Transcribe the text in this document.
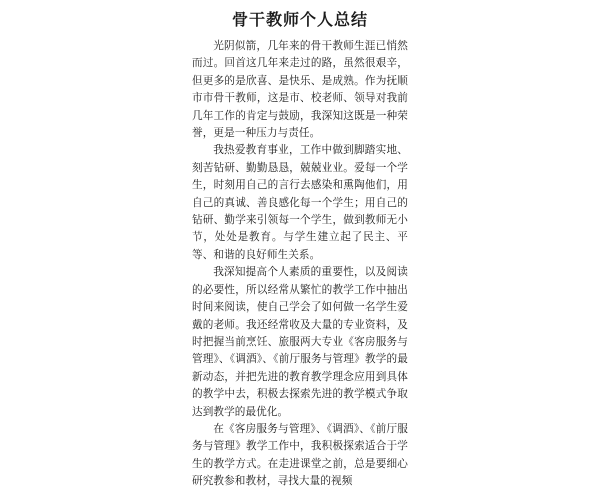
骨干教师个人总结

光阴似箭，几年来的骨干教师生涯已悄然而过。回首这几年来走过的路，虽然很艰辛，但更多的是欣喜、是快乐、是成熟。作为抚顺市市骨干教师，这是市、校老师、领导对我前几年工作的肯定与鼓励，我深知这既是一种荣誉，更是一种压力与责任。

我热爱教育事业，工作中做到脚踏实地、刻苦钻研、勤勤恳恳，兢兢业业。爱每一个学生，时刻用自己的言行去感染和熏陶他们，用自己的真诚、善良感化每一个学生；用自己的钻研、勤学来引领每一个学生，做到教师无小节，处处是教育。与学生建立起了民主、平等、和谐的良好师生关系。

我深知提高个人素质的重要性，以及阅读的必要性，所以经常从繁忙的教学工作中抽出时间来阅读，使自己学会了如何做一名学生爱戴的老师。我还经常收及大量的专业资料，及时把握当前烹饪、旅服两大专业《客房服务与管理》、《调酒》、《前厅服务与管理》教学的最新动态，并把先进的教育教学理念应用到具体的教学中去，积极去探索先进的教学模式争取达到教学的最优化。

在《客房服务与管理》、《调酒》、《前厅服务与管理》教学工作中，我积极探索适合于学生的教学方式。在走进课堂之前，总是要细心研究教参和教材，寻找大量的视频
